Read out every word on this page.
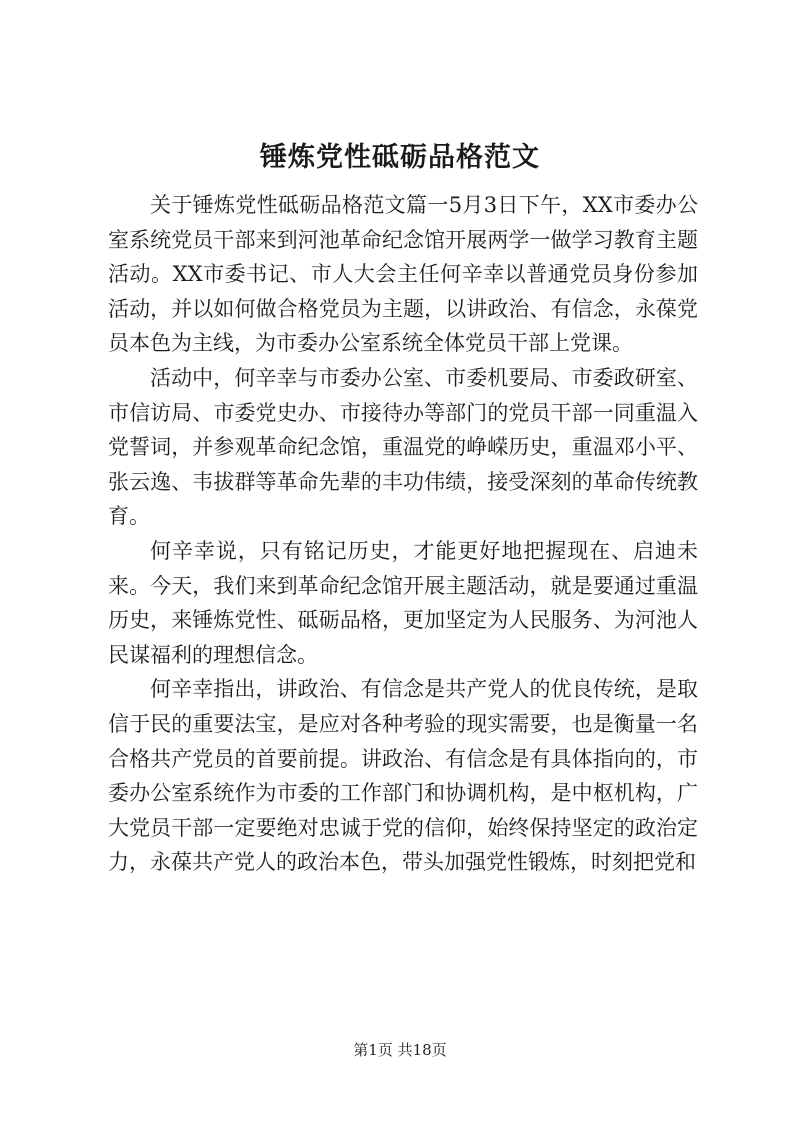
锤炼党性砥砺品格范文

关于锤炼党性砥砺品格范文篇一5月3日下午，XX市委办公室系统党员干部来到河池革命纪念馆开展两学一做学习教育主题活动。XX市委书记、市人大会主任何辛幸以普通党员身份参加活动，并以如何做合格党员为主题，以讲政治、有信念，永葆党员本色为主线，为市委办公室系统全体党员干部上党课。

活动中，何辛幸与市委办公室、市委机要局、市委政研室、市信访局、市委党史办、市接待办等部门的党员干部一同重温入党誓词，并参观革命纪念馆，重温党的峥嵘历史，重温邓小平、张云逸、韦拔群等革命先辈的丰功伟绩，接受深刻的革命传统教育。

何辛幸说，只有铭记历史，才能更好地把握现在、启迪未来。今天，我们来到革命纪念馆开展主题活动，就是要通过重温历史，来锤炼党性、砥砺品格，更加坚定为人民服务、为河池人民谋福利的理想信念。

何辛幸指出，讲政治、有信念是共产党人的优良传统，是取信于民的重要法宝，是应对各种考验的现实需要，也是衡量一名合格共产党员的首要前提。讲政治、有信念是有具体指向的，市委办公室系统作为市委的工作部门和协调机构，是中枢机构，广大党员干部一定要绝对忠诚于党的信仰，始终保持坚定的政治定力，永葆共产党人的政治本色，带头加强党性锻炼，时刻把党和

第1页 共18页
